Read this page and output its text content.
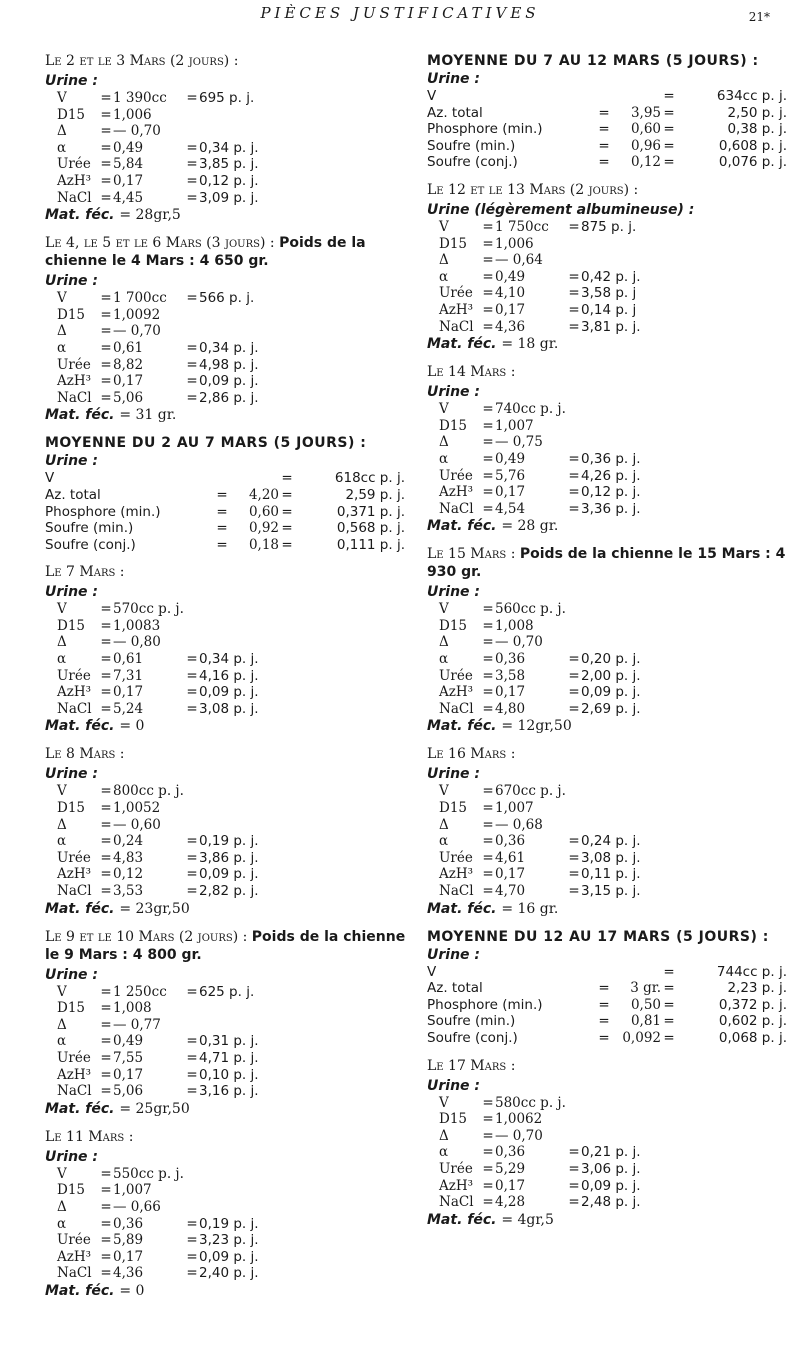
PIÈCES JUSTIFICATIVES	21*
Le 2 et le 3 Mars (2 jours) :
Urine :
V	= 1 390cc	= 695 p. j.
D15	= 1,006
Δ	= — 0,70
α	= 0,49	= 0,34 p. j.
Urée = 5,84	= 3,85 p. j.
AzH³ = 0,17	= 0,12 p. j.
NaCl = 4,45	= 3,09 p. j.
Mat. féc. = 28gr,5
Le 4, le 5 et le 6 Mars (3 jours) : Poids de la chienne le 4 Mars : 4 650 gr.
Urine :
V	= 1 700cc	= 566 p. j.
D15	= 1,0092
Δ	= — 0,70
α	= 0,61	= 0,34 p. j.
Urée = 8,82	= 4,98 p. j.
AzH³ = 0,17	= 0,09 p. j.
NaCl = 5,06	= 2,86 p. j.
Mat. féc. = 31 gr.
MOYENNE DU 2 AU 7 MARS (5 JOURS) :
Urine :
V	=	618cc p. j.
Az. total	=	4,20 =	2,59 p. j.
Phosphore (min.)	=	0,60 =	0,371 p. j.
Soufre (min.)	=	0,92 =	0,568 p. j.
Soufre (conj.)	=	0,18 =	0,111 p. j.
Le 7 Mars :
Urine :
V	= 570cc p. j.
D15	= 1,0083
Δ	= — 0,80
α	= 0,61	= 0,34 p. j.
Urée = 7,31	= 4,16 p. j.
AzH³ = 0,17	= 0,09 p. j.
NaCl = 5,24	= 3,08 p. j.
Mat. féc. = 0
Le 8 Mars :
Urine :
V	= 800cc p. j.
D15	= 1,0052
Δ	= — 0,60
α	= 0,24	= 0,19 p. j.
Urée = 4,83	= 3,86 p. j.
AzH³ = 0,12	= 0,09 p. j.
NaCl = 3,53	= 2,82 p. j.
Mat. féc. = 23gr,50
Le 9 et le 10 Mars (2 jours) : Poids de la chienne le 9 Mars : 4 800 gr.
Urine :
V	= 1 250cc	= 625 p. j.
D15	= 1,008
Δ	= — 0,77
α	= 0,49	= 0,31 p. j.
Urée = 7,55	= 4,71 p. j.
AzH³ = 0,17	= 0,10 p. j.
NaCl = 5,06	= 3,16 p. j.
Mat. féc. = 25gr,50
Le 11 Mars :
Urine :
V	= 550cc p. j.
D15	= 1,007
Δ	= — 0,66
α	= 0,36	= 0,19 p. j.
Urée = 5,89	= 3,23 p. j.
AzH³ = 0,17	= 0,09 p. j.
NaCl = 4,36	= 2,40 p. j.
Mat. féc. = 0
MOYENNE DU 7 AU 12 MARS (5 JOURS) :
Urine :
V	=	634cc p. j.
Az. total	=	3,95 =	2,50 p. j.
Phosphore (min.)	=	0,60 =	0,38 p. j.
Soufre (min.)	=	0,96 =	0,608 p. j.
Soufre (conj.)	=	0,12 =	0,076 p. j.
Le 12 et le 13 Mars (2 jours) :
Urine (légèrement albumineuse) :
V	= 1 750cc	= 875 p. j.
D15	= 1,006
Δ	= — 0,64
α	= 0,49	= 0,42 p. j.
Urée = 4,10	= 3,58 p. j
AzH³ = 0,17	= 0,14 p. j
NaCl = 4,36	= 3,81 p. j.
Mat. féc. = 18 gr.
Le 14 Mars :
Urine :
V	= 740cc p. j.
D15	= 1,007
Δ	= — 0,75
α	= 0,49	= 0,36 p. j.
Urée = 5,76	= 4,26 p. j.
AzH³ = 0,17	= 0,12 p. j.
NaCl = 4,54	= 3,36 p. j.
Mat. féc. = 28 gr.
Le 15 Mars : Poids de la chienne le 15 Mars : 4 930 gr.
Urine :
V	= 560cc p. j.
D15	= 1,008
Δ	= — 0,70
α	= 0,36	= 0,20 p. j.
Urée = 3,58	= 2,00 p. j.
AzH³ = 0,17	= 0,09 p. j.
NaCl = 4,80	= 2,69 p. j.
Mat. féc. = 12gr,50
Le 16 Mars :
Urine :
V	= 670cc p. j.
D15	= 1,007
Δ	= — 0,68
α	= 0,36	= 0,24 p. j.
Urée = 4,61	= 3,08 p. j.
AzH³ = 0,17	= 0,11 p. j.
NaCl = 4,70	= 3,15 p. j.
Mat. féc. = 16 gr.
MOYENNE DU 12 AU 17 MARS (5 JOURS) :
Urine :
V	=	744cc p. j.
Az. total	=	3 gr. =	2,23 p. j.
Phosphore (min.)	=	0,50 =	0,372 p. j.
Soufre (min.)	=	0,81 =	0,602 p. j.
Soufre (conj.)	= 0,092 =	0,068 p. j.
Le 17 Mars :
Urine :
V	= 580cc p. j.
D15	= 1,0062
Δ	= — 0,70
α	= 0,36	= 0,21 p. j.
Urée = 5,29	= 3,06 p. j.
AzH³ = 0,17	= 0,09 p. j.
NaCl = 4,28	= 2,48 p. j.
Mat. féc. = 4gr,5
